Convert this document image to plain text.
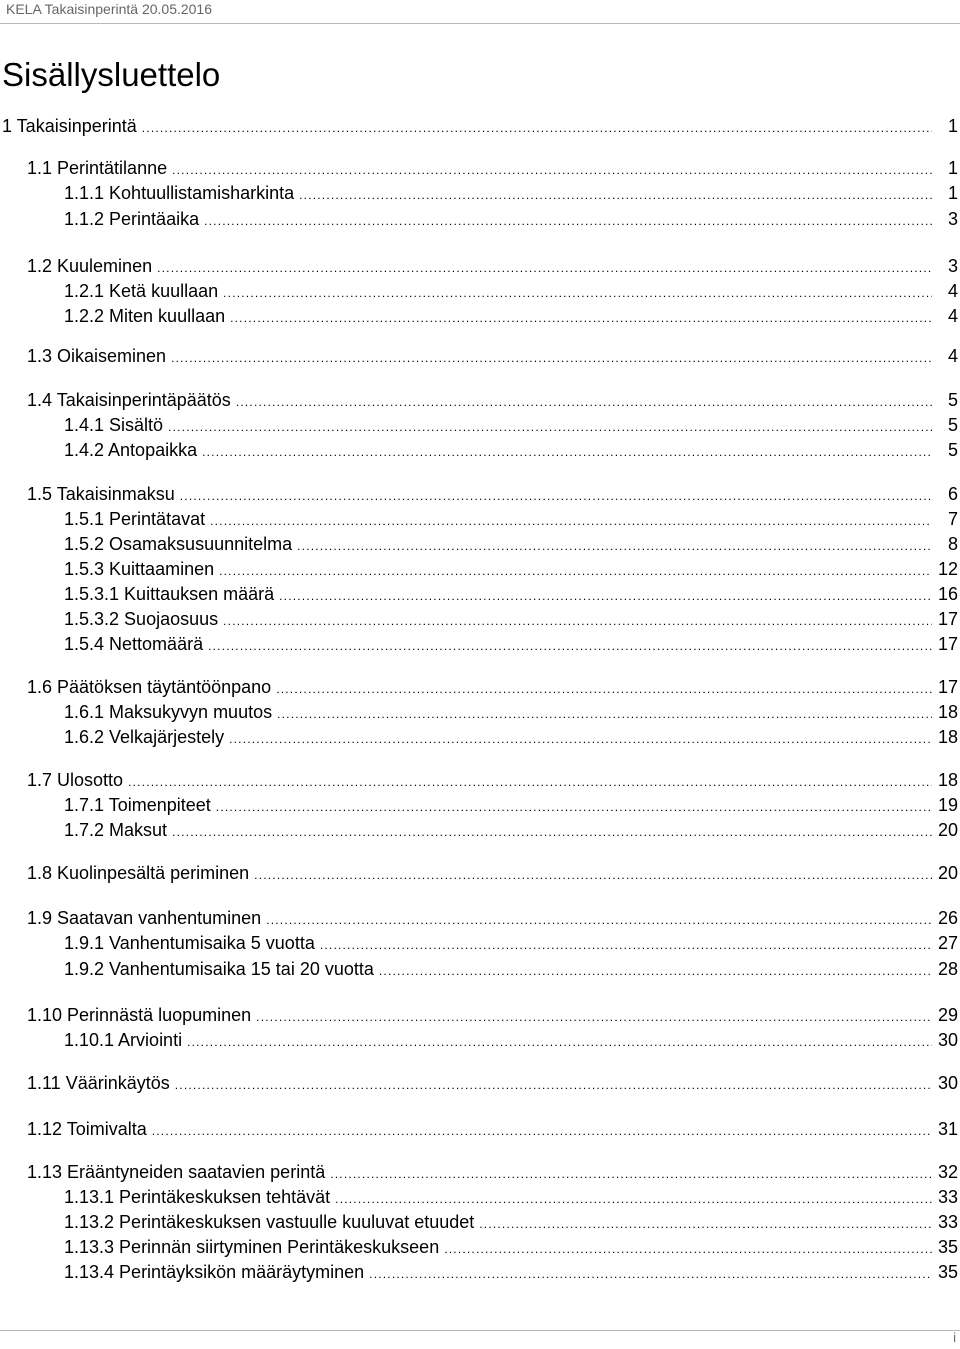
KELA Takaisinperintä 20.05.2016
Sisällysluettelo
1 Takaisinperintä .....	1
1.1 Perintätilanne .....	1
1.1.1 Kohtuullistamisharkinta .....	1
1.1.2 Perintäaika .....	3
1.2 Kuuleminen .....	3
1.2.1 Ketä kuullaan .....	4
1.2.2 Miten kuullaan .....	4
1.3 Oikaiseminen .....	4
1.4 Takaisinperintäpäätös .....	5
1.4.1 Sisältö .....	5
1.4.2 Antopaikka .....	5
1.5 Takaisinmaksu .....	6
1.5.1 Perintätavat .....	7
1.5.2 Osamaksusuunnitelma .....	8
1.5.3 Kuittaaminen .....	12
1.5.3.1 Kuittauksen määrä .....	16
1.5.3.2 Suojaosuus .....	17
1.5.4 Nettomäärä .....	17
1.6 Päätöksen täytäntöönpano .....	17
1.6.1 Maksukyvyn muutos .....	18
1.6.2 Velkajärjestely .....	18
1.7 Ulosotto .....	18
1.7.1 Toimenpiteet .....	19
1.7.2 Maksut .....	20
1.8 Kuolinpesältä periminen .....	20
1.9 Saatavan vanhentuminen .....	26
1.9.1 Vanhentumisaika 5 vuotta .....	27
1.9.2 Vanhentumisaika 15 tai 20 vuotta .....	28
1.10 Perinnästä luopuminen .....	29
1.10.1 Arviointi .....	30
1.11 Väärinkäytös .....	30
1.12 Toimivalta .....	31
1.13 Erääntyneiden saatavien perintä .....	32
1.13.1 Perintäkeskuksen tehtävät .....	33
1.13.2 Perintäkeskuksen vastuulle kuuluvat etuudet .....	33
1.13.3 Perinnän siirtyminen Perintäkeskukseen .....	35
1.13.4 Perintäyksikön määräytyminen .....	35
i
